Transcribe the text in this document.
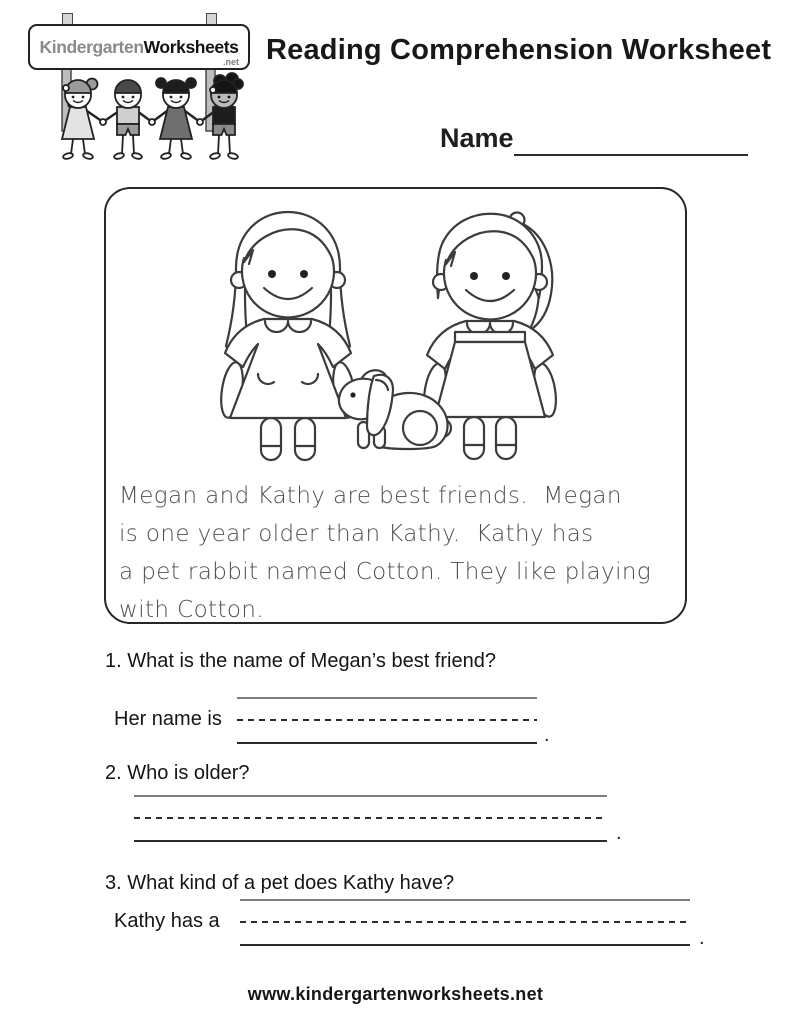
KindergartenWorksheets
.net Reading Comprehension Worksheet
Name
Megan and Kathy are best friends.  Megan
is one year older than Kathy.  Kathy has
a pet rabbit named Cotton. They like playing
with Cotton.
1. What is the name of Megan’s best friend?
Her name is
.
2. Who is older?
.
3. What kind of a pet does Kathy have?
Kathy has a
.
www.kindergartenworksheets.net
